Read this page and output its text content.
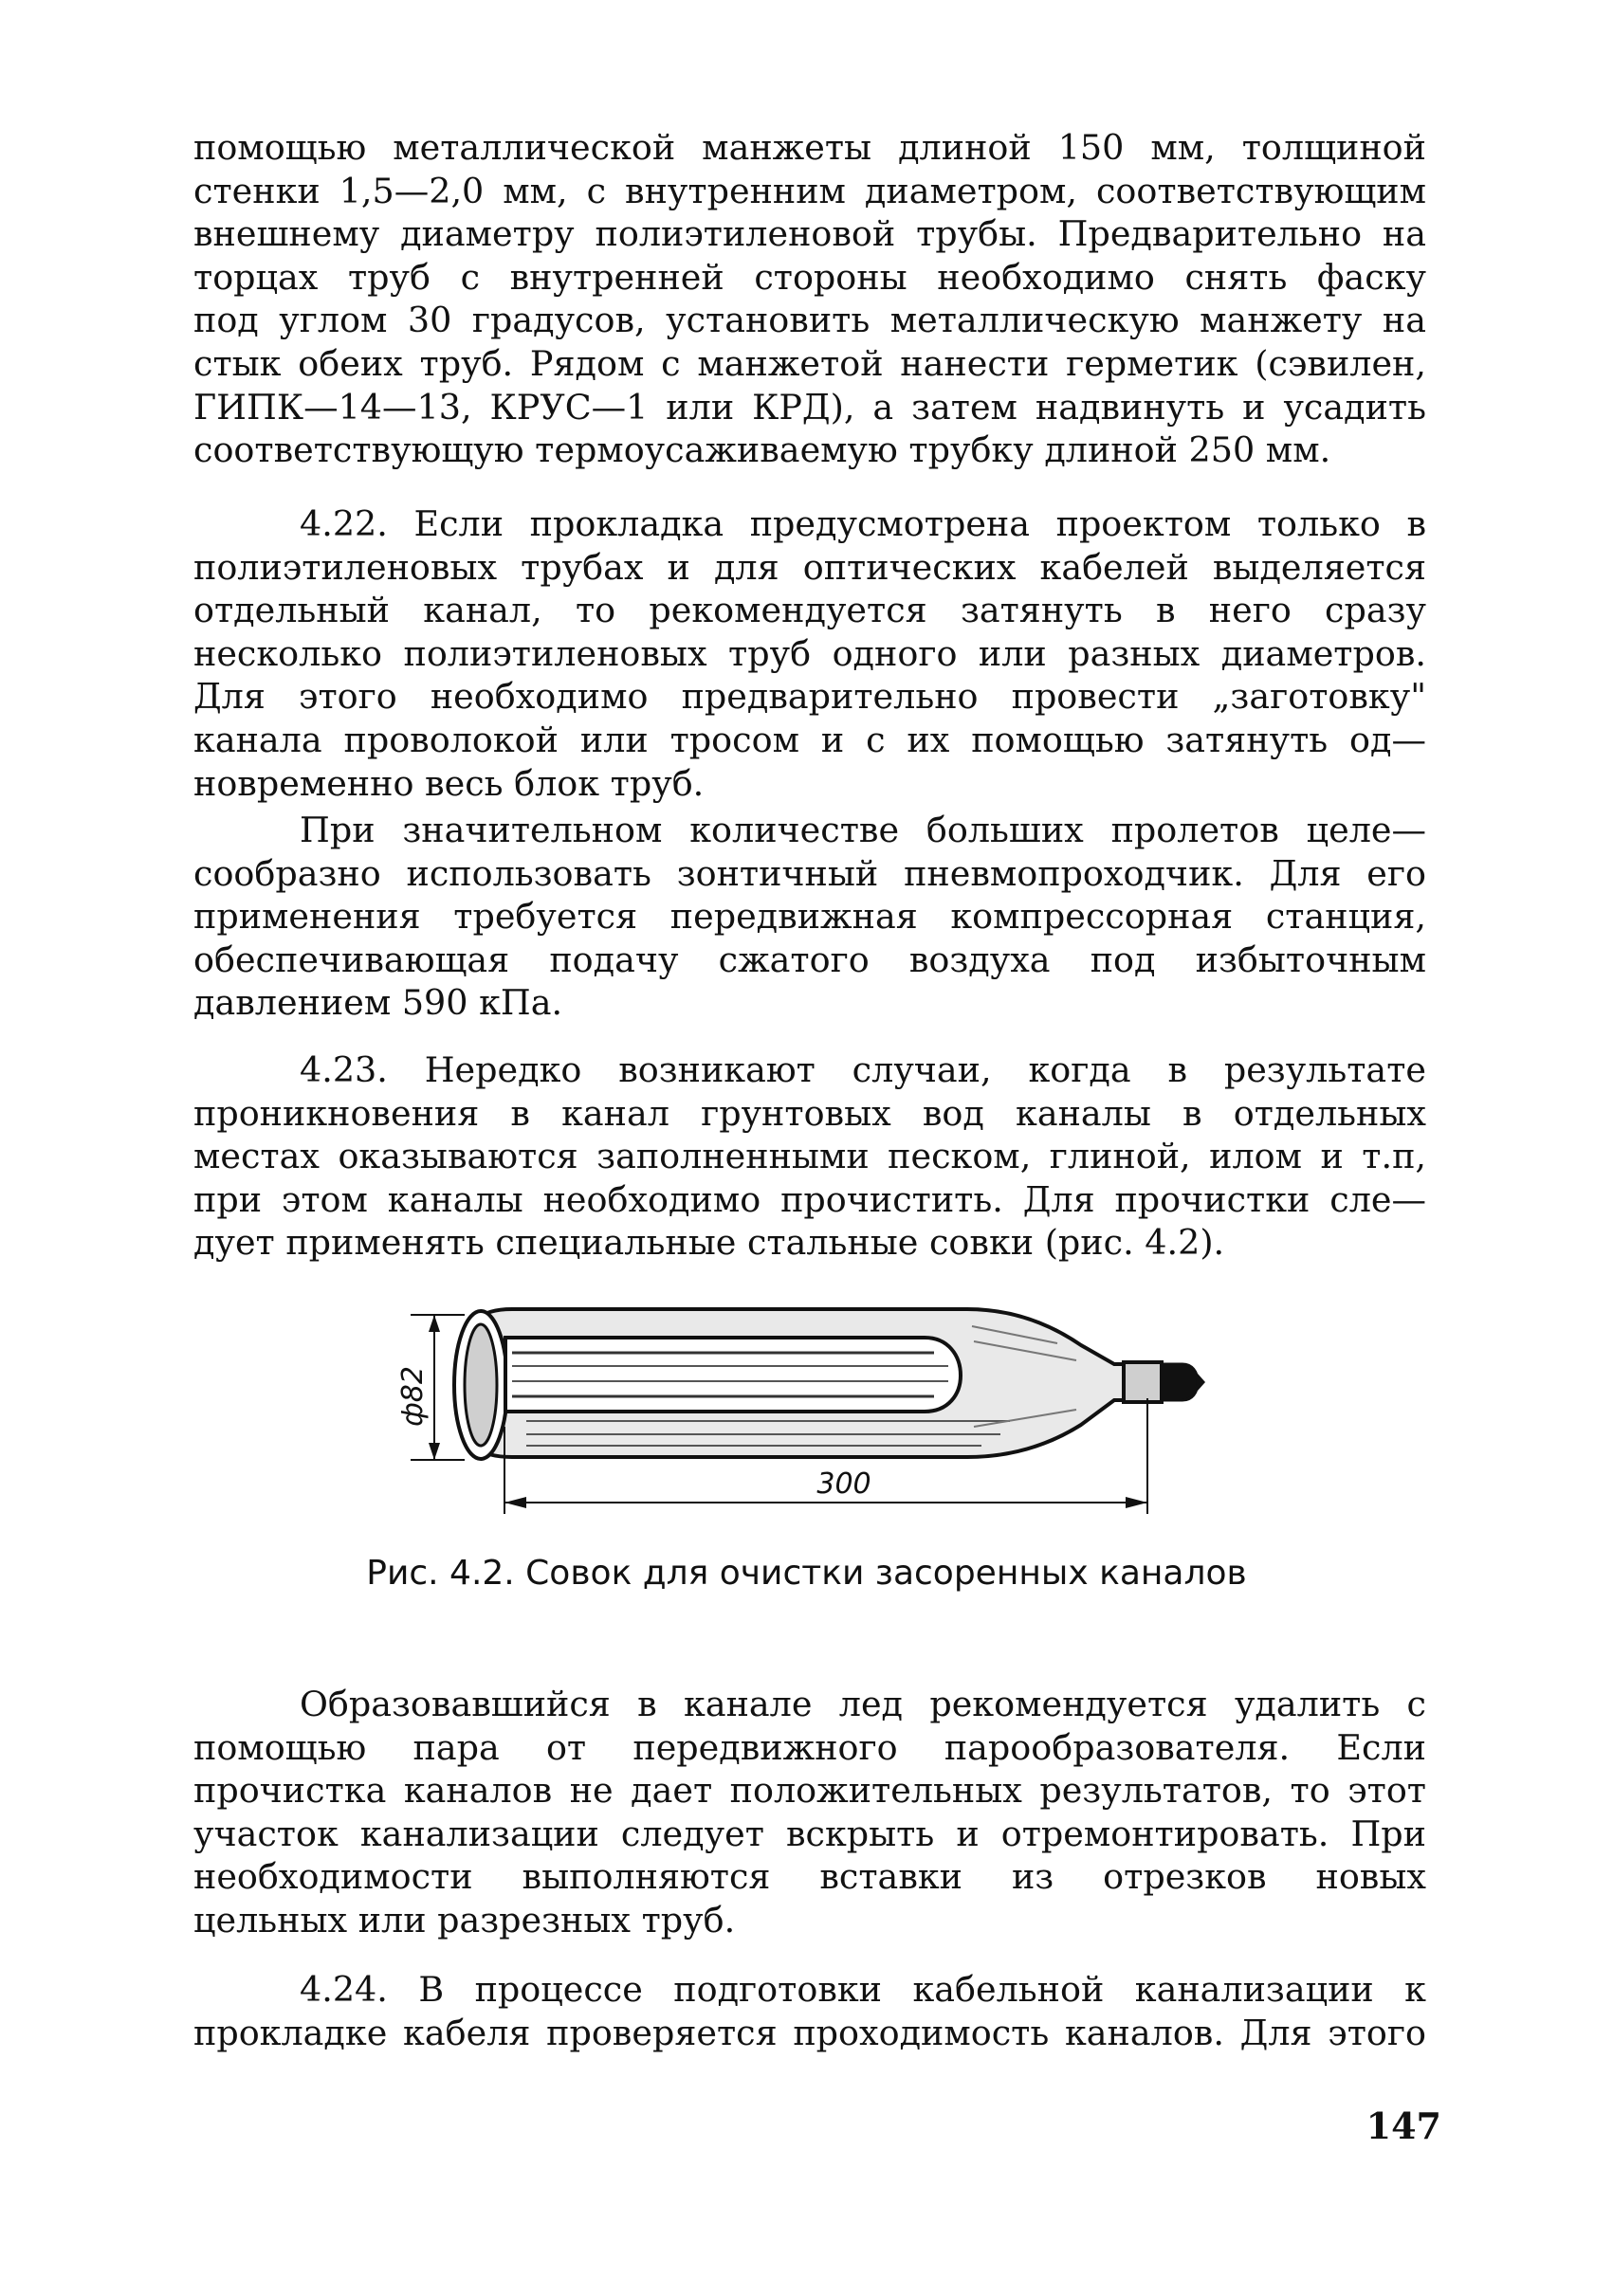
помощью металлической манжеты длиной 150 мм, толщиной
стенки 1,5—2,0 мм, с внутренним диаметром, соответствующим
внешнему диаметру полиэтиленовой трубы. Предварительно на
торцах труб с внутренней стороны необходимо снять фаску
под углом 30 градусов, установить металлическую манжету на
стык обеих труб. Рядом с манжетой нанести герметик (сэвилен,
ГИПК—14—13, КРУС—1 или КРД), а затем надвинуть и усадить
соответствующую термоусаживаемую трубку длиной 250 мм.
4.22. Если прокладка предусмотрена проектом только в
полиэтиленовых трубах и для оптических кабелей выделяется
отдельный канал, то рекомендуется затянуть в него сразу
несколько полиэтиленовых труб одного или разных диаметров.
Для этого необходимо предварительно провести „заготовку"
канала проволокой или тросом и с их помощью затянуть од—
новременно весь блок труб.
При значительном количестве больших пролетов целе—
сообразно использовать зонтичный пневмопроходчик. Для его
применения требуется передвижная компрессорная станция,
обеспечивающая подачу сжатого воздуха под избыточным
давлением 590 кПа.
4.23. Нередко возникают случаи, когда в результате
проникновения в канал грунтовых вод каналы в отдельных
местах оказываются заполненными песком, глиной, илом и т.п,
при этом каналы необходимо прочистить. Для прочистки сле—
дует применять специальные стальные совки (рис. 4.2).
ф82
300
Рис. 4.2. Совок для очистки засоренных каналов
Образовавшийся в канале лед рекомендуется удалить с
помощью пара от передвижного парообразователя. Если
прочистка каналов не дает положительных результатов, то этот
участок канализации следует вскрыть и отремонтировать. При
необходимости выполняются вставки из отрезков новых
цельных или разрезных труб.
4.24. В процессе подготовки кабельной канализации к
прокладке кабеля проверяется проходимость каналов. Для этого
147
